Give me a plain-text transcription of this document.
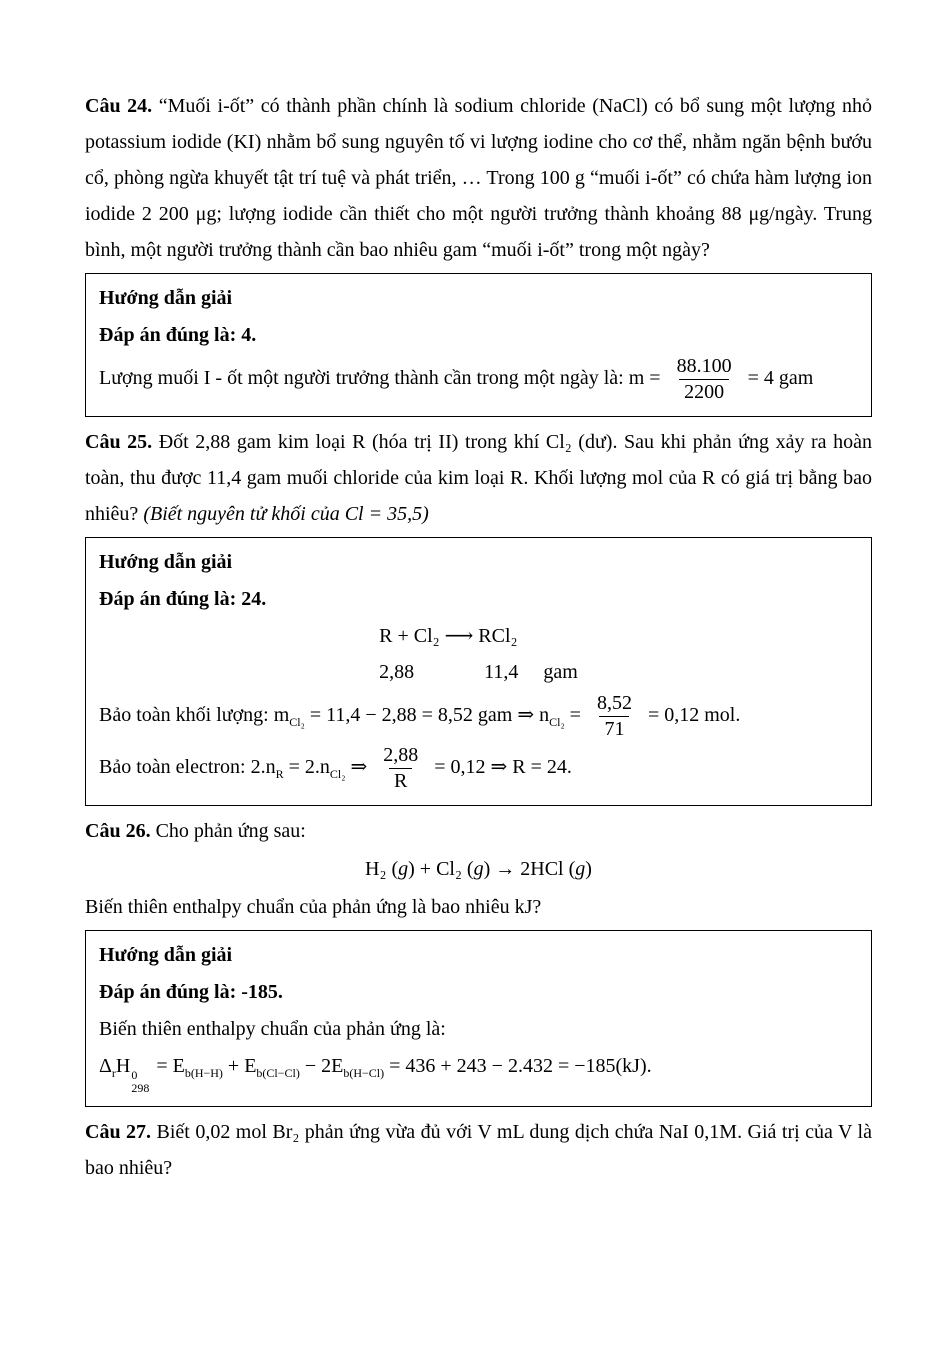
Câu 24. “Muối i-ốt” có thành phần chính là sodium chloride (NaCl) có bổ sung một lượng nhỏ potassium iodide (KI) nhằm bổ sung nguyên tố vi lượng iodine cho cơ thể, nhằm ngăn bệnh bướu cổ, phòng ngừa khuyết tật trí tuệ và phát triển, … Trong 100 g “muối i-ốt” có chứa hàm lượng ion iodide 2 200 μg; lượng iodide cần thiết cho một người trưởng thành khoảng 88 μg/ngày. Trung bình, một người trưởng thành cần bao nhiêu gam “muối i-ốt” trong một ngày?

Hướng dẫn giải
Đáp án đúng là: 4.
Lượng muối I - ốt một người trưởng thành cần trong một ngày là: $m = \frac{88.100}{2200} = 4$ gam

Câu 25. Đốt 2,88 gam kim loại R (hóa trị II) trong khí Cl₂ (dư). Sau khi phản ứng xảy ra hoàn toàn, thu được 11,4 gam muối chloride của kim loại R. Khối lượng mol của R có giá trị bằng bao nhiêu? (Biết nguyên tử khối của Cl = 35,5)

Hướng dẫn giải
Đáp án đúng là: 24.
R + Cl₂ ⟶ RCl₂
2,88              11,4     gam
Bảo toàn khối lượng: $m_{Cl_2} = 11,4 - 2,88 = 8,52$ gam ⇒ $n_{Cl_2} = \frac{8,52}{71} = 0,12$ mol.
Bảo toàn electron: $2.n_R = 2.n_{Cl_2}$ ⇒ $\frac{2,88}{R} = 0,12$ ⇒ R = 24.

Câu 26. Cho phản ứng sau:

H₂ (g) + Cl₂ (g) → 2HCl (g)

Biến thiên enthalpy chuẩn của phản ứng là bao nhiêu kJ?

Hướng dẫn giải
Đáp án đúng là: -185.
Biến thiên enthalpy chuẩn của phản ứng là:
$\Delta_rH$ 0
298
= $E_{b(H-H)} + E_{b(Cl-Cl)} - 2E_{b(H-Cl)} = 436 + 243 - 2.432 = -185(kJ)$.

Câu 27. Biết 0,02 mol Br₂ phản ứng vừa đủ với V mL dung dịch chứa NaI 0,1M. Giá trị của V là bao nhiêu?
